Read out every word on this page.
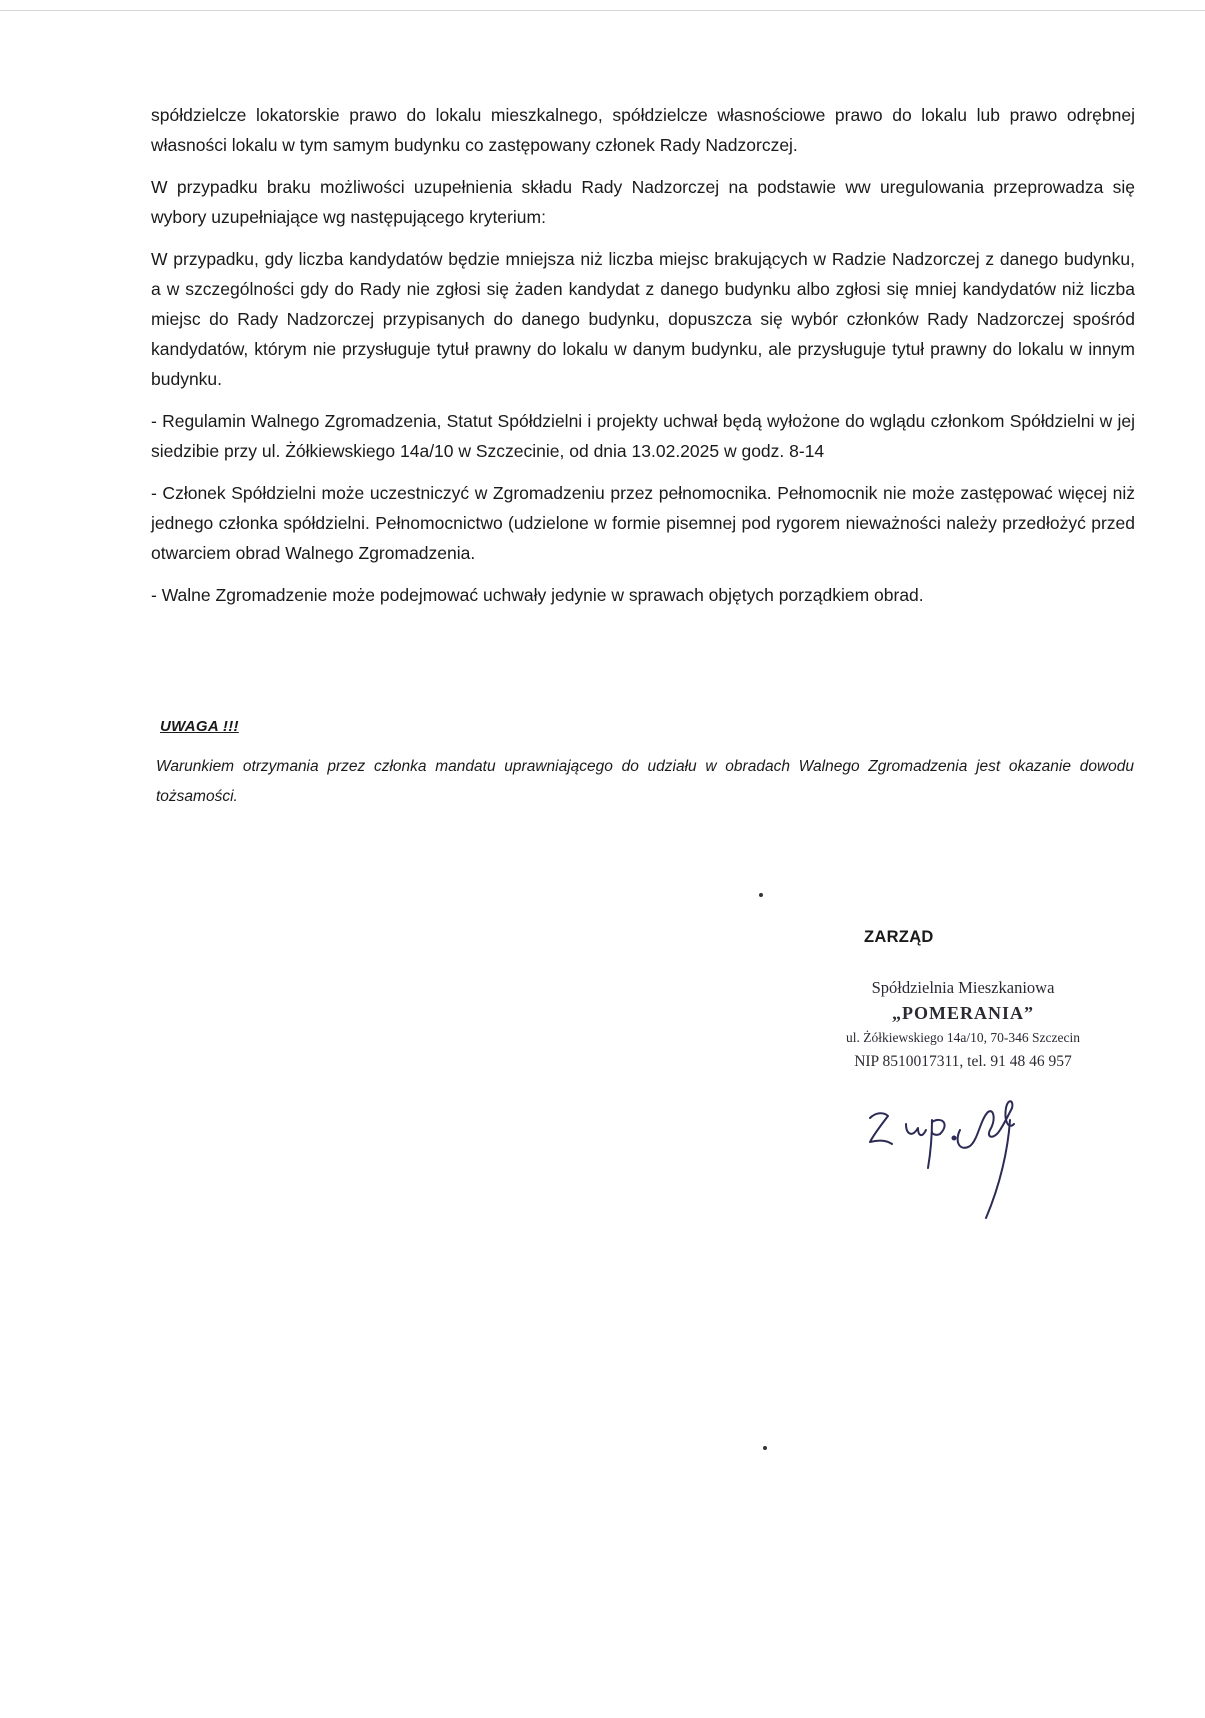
spółdzielcze lokatorskie prawo do lokalu mieszkalnego, spółdzielcze własnościowe prawo do lokalu lub prawo odrębnej własności lokalu w tym samym budynku co zastępowany członek Rady Nadzorczej.

W przypadku braku możliwości uzupełnienia składu Rady Nadzorczej na podstawie ww uregulowania przeprowadza się wybory uzupełniające wg następującego kryterium:

W przypadku, gdy liczba kandydatów będzie mniejsza niż liczba miejsc brakujących w Radzie Nadzorczej z danego budynku, a w szczególności gdy do Rady nie zgłosi się żaden kandydat z danego budynku albo zgłosi się mniej kandydatów niż liczba miejsc do Rady Nadzorczej przypisanych do danego budynku, dopuszcza się wybór członków Rady Nadzorczej spośród kandydatów, którym nie przysługuje tytuł prawny do lokalu w danym budynku, ale przysługuje tytuł prawny do lokalu w innym budynku.

- Regulamin Walnego Zgromadzenia, Statut Spółdzielni i projekty uchwał będą wyłożone do wglądu członkom Spółdzielni w jej siedzibie przy ul. Żółkiewskiego 14a/10 w Szczecinie, od dnia 13.02.2025 w godz. 8-14

- Członek Spółdzielni może uczestniczyć w Zgromadzeniu przez pełnomocnika. Pełnomocnik nie może zastępować więcej niż jednego członka spółdzielni. Pełnomocnictwo (udzielone w formie pisemnej pod rygorem nieważności należy przedłożyć przed otwarciem obrad Walnego Zgromadzenia.

- Walne Zgromadzenie może podejmować uchwały jedynie w sprawach objętych porządkiem obrad.

UWAGA !!!
Warunkiem otrzymania przez członka mandatu uprawniającego do udziału w obradach Walnego Zgromadzenia jest okazanie dowodu tożsamości.
ZARZĄD
Spółdzielnia Mieszkaniowa
„POMERANIA”
ul. Żółkiewskiego 14a/10, 70-346 Szczecin
NIP 8510017311, tel. 91 48 46 957
